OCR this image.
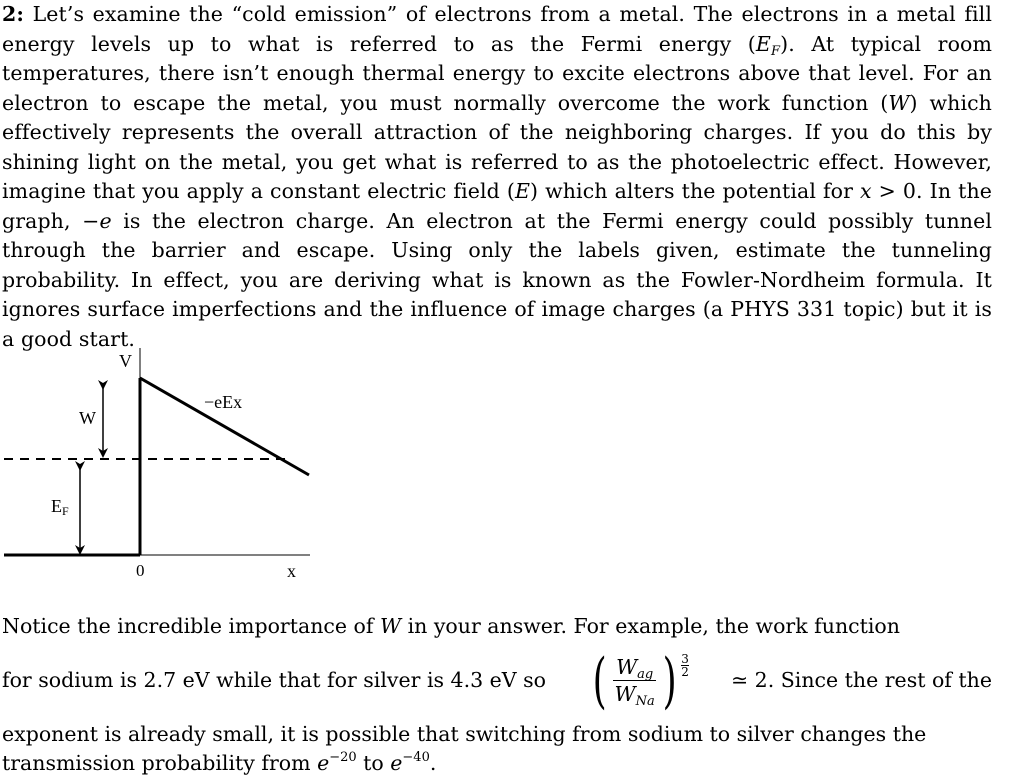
2: Let’s examine the “cold emission” of electrons from a metal. The electrons in a metal fill energy levels up to what is referred to as the Fermi energy $(E_F)$. At typical room temperatures, there isn’t enough thermal energy to excite electrons above that level. For an electron to escape the metal, you must normally overcome the work function (W) which effectively represents the overall attraction of the neighboring charges. If you do this by shining light on the metal, you get what is referred to as the photoelectric effect. However, imagine that you apply a constant electric field (E) which alters the potential for x > 0. In the graph, −e is the electron charge. An electron at the Fermi energy could possibly tunnel through the barrier and escape. Using only the labels given, estimate the tunneling probability. In effect, you are deriving what is known as the Fowler-Nordheim formula. It ignores surface imperfections and the influence of image charges (a PHYS 331 topic) but it is a good start.
V
W
EF
−eEx
0	x
Notice the incredible importance of W in your answer. For example, the work function
for sodium is 2.7 eV while that for silver is 4.3 eV so ( $\frac{W_{ag}}{W_{Na}}$ ) $\frac{3}{2}$
≃ 2. Since the rest of the
exponent is already small, it is possible that switching from sodium to silver changes the
transmission probability from $e^{-20}$ to $e^{-40}$.
